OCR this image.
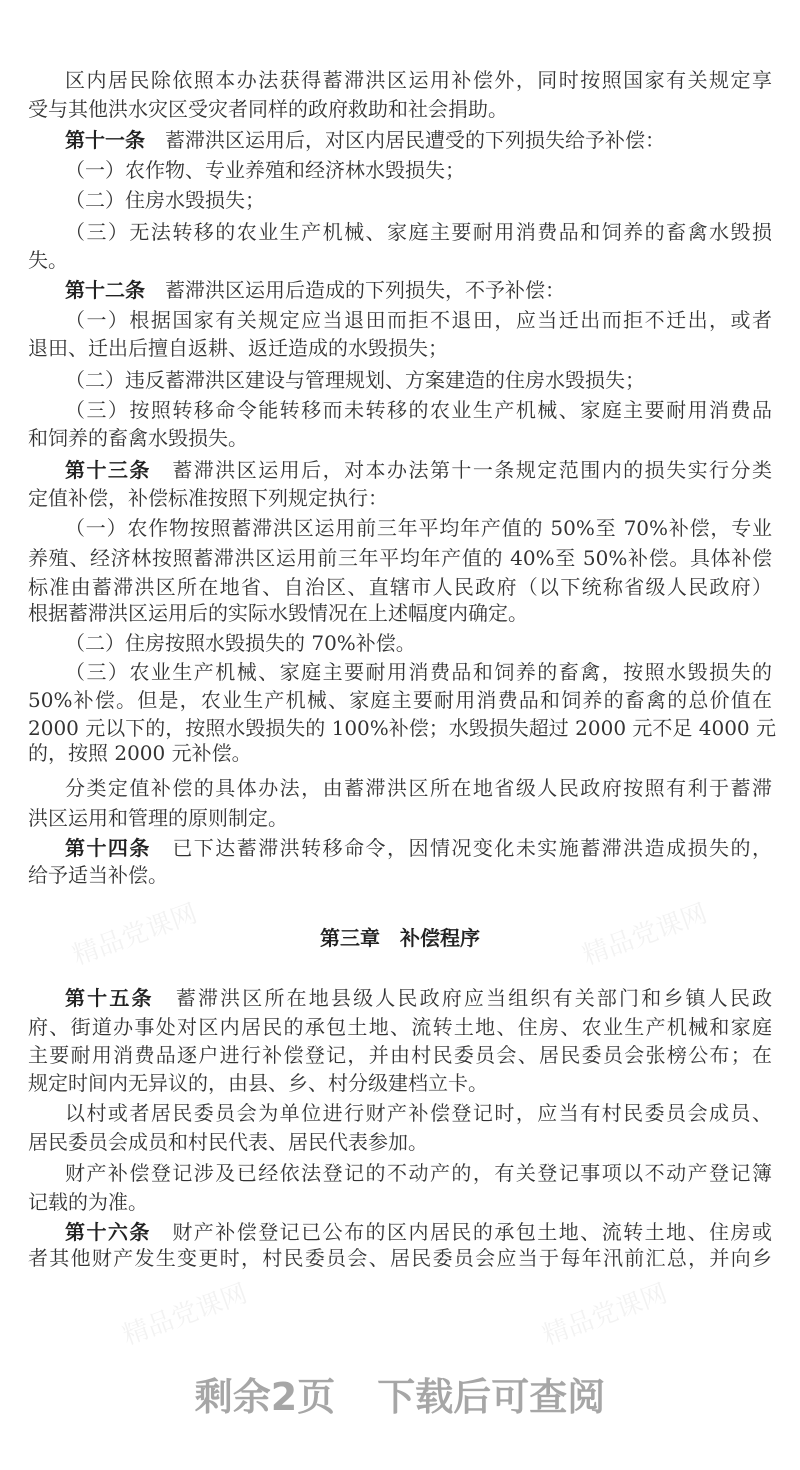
精品党课网	精品党课网
精品党课网	精品党课网
区内居民除依照本办法获得蓄滞洪区运用补偿外，同时按照国家有关规定享
受与其他洪水灾区受灾者同样的政府救助和社会捐助。
第十一条　蓄滞洪区运用后，对区内居民遭受的下列损失给予补偿：
（一）农作物、专业养殖和经济林水毁损失；
（二）住房水毁损失；
（三）无法转移的农业生产机械、家庭主要耐用消费品和饲养的畜禽水毁损
失。
第十二条　蓄滞洪区运用后造成的下列损失，不予补偿：
（一）根据国家有关规定应当退田而拒不退田，应当迁出而拒不迁出，或者
退田、迁出后擅自返耕、返迁造成的水毁损失；
（二）违反蓄滞洪区建设与管理规划、方案建造的住房水毁损失；
（三）按照转移命令能转移而未转移的农业生产机械、家庭主要耐用消费品
和饲养的畜禽水毁损失。
第十三条　蓄滞洪区运用后，对本办法第十一条规定范围内的损失实行分类
定值补偿，补偿标准按照下列规定执行：
（一）农作物按照蓄滞洪区运用前三年平均年产值的 50%至 70%补偿，专业
养殖、经济林按照蓄滞洪区运用前三年平均年产值的 40%至 50%补偿。具体补偿
标准由蓄滞洪区所在地省、自治区、直辖市人民政府（以下统称省级人民政府）
根据蓄滞洪区运用后的实际水毁情况在上述幅度内确定。
（二）住房按照水毁损失的 70%补偿。
（三）农业生产机械、家庭主要耐用消费品和饲养的畜禽，按照水毁损失的
50%补偿。但是，农业生产机械、家庭主要耐用消费品和饲养的畜禽的总价值在
2000 元以下的，按照水毁损失的 100%补偿；水毁损失超过 2000 元不足 4000 元
的，按照 2000 元补偿。
分类定值补偿的具体办法，由蓄滞洪区所在地省级人民政府按照有利于蓄滞
洪区运用和管理的原则制定。
第十四条　已下达蓄滞洪转移命令，因情况变化未实施蓄滞洪造成损失的，
给予适当补偿。
第十五条　蓄滞洪区所在地县级人民政府应当组织有关部门和乡镇人民政
府、街道办事处对区内居民的承包土地、流转土地、住房、农业生产机械和家庭
主要耐用消费品逐户进行补偿登记，并由村民委员会、居民委员会张榜公布；在
规定时间内无异议的，由县、乡、村分级建档立卡。
以村或者居民委员会为单位进行财产补偿登记时，应当有村民委员会成员、
居民委员会成员和村民代表、居民代表参加。
财产补偿登记涉及已经依法登记的不动产的，有关登记事项以不动产登记簿
记载的为准。
第十六条　财产补偿登记已公布的区内居民的承包土地、流转土地、住房或
者其他财产发生变更时，村民委员会、居民委员会应当于每年汛前汇总，并向乡
第三章　补偿程序
剩余2页 下载后可查阅
